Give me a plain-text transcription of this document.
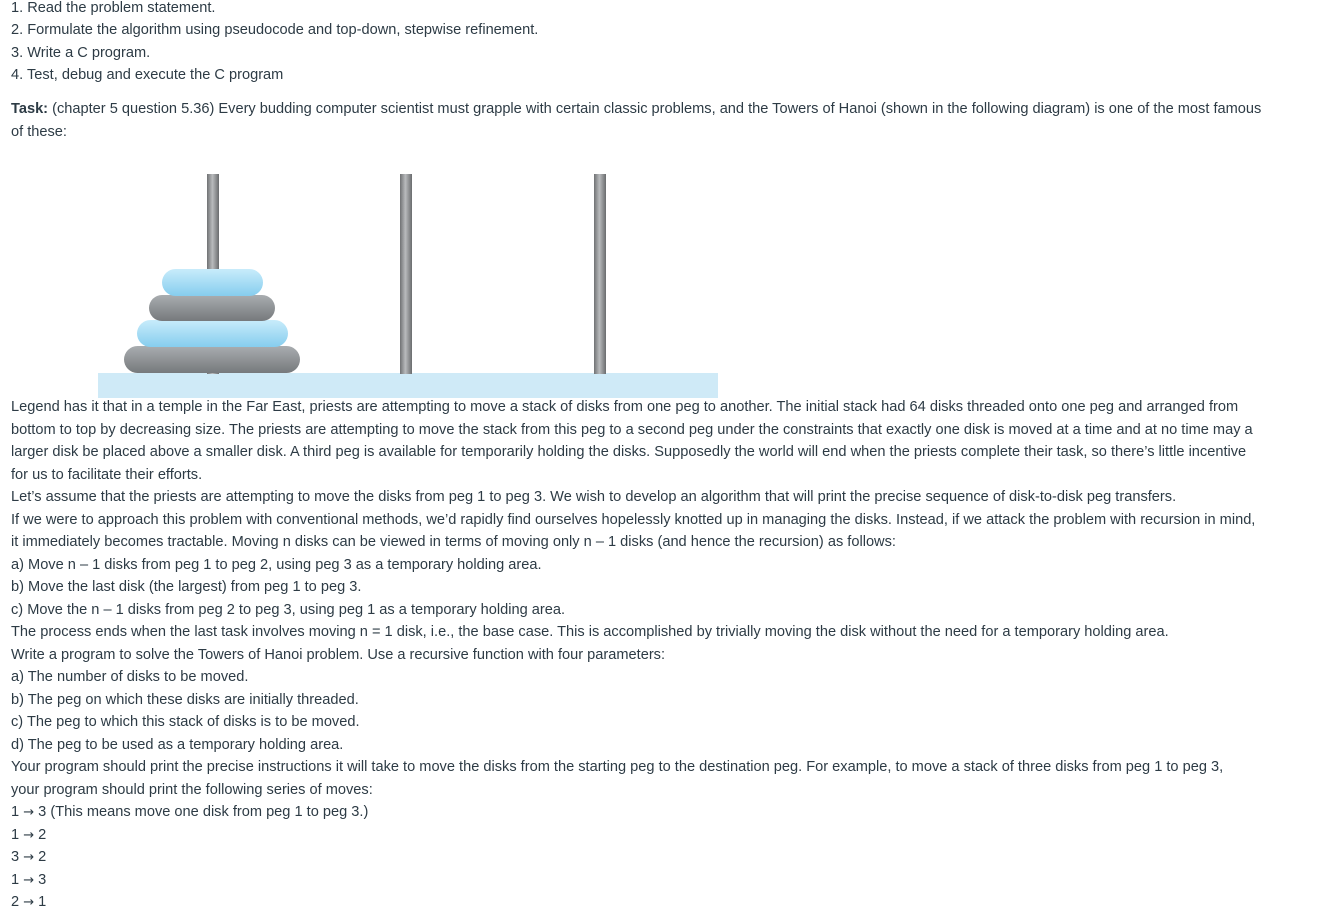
1. Read the problem statement.
2. Formulate the algorithm using pseudocode and top-down, stepwise refinement.
3. Write a C program.
4. Test, debug and execute the C program
Task: (chapter 5 question 5.36) Every budding computer scientist must grapple with certain classic problems, and the Towers of Hanoi (shown in the following diagram) is one of the most famous
of these:
Legend has it that in a temple in the Far East, priests are attempting to move a stack of disks from one peg to another. The initial stack had 64 disks threaded onto one peg and arranged from
bottom to top by decreasing size. The priests are attempting to move the stack from this peg to a second peg under the constraints that exactly one disk is moved at a time and at no time may a
larger disk be placed above a smaller disk. A third peg is available for temporarily holding the disks. Supposedly the world will end when the priests complete their task, so there’s little incentive
for us to facilitate their efforts.
Let’s assume that the priests are attempting to move the disks from peg 1 to peg 3. We wish to develop an algorithm that will print the precise sequence of disk-to-disk peg transfers.
If we were to approach this problem with conventional methods, we’d rapidly find ourselves hopelessly knotted up in managing the disks. Instead, if we attack the problem with recursion in mind,
it immediately becomes tractable. Moving n disks can be viewed in terms of moving only n – 1 disks (and hence the recursion) as follows:
a) Move n – 1 disks from peg 1 to peg 2, using peg 3 as a temporary holding area.
b) Move the last disk (the largest) from peg 1 to peg 3.
c) Move the n – 1 disks from peg 2 to peg 3, using peg 1 as a temporary holding area.
The process ends when the last task involves moving n = 1 disk, i.e., the base case. This is accomplished by trivially moving the disk without the need for a temporary holding area.
Write a program to solve the Towers of Hanoi problem. Use a recursive function with four parameters:
a) The number of disks to be moved.
b) The peg on which these disks are initially threaded.
c) The peg to which this stack of disks is to be moved.
d) The peg to be used as a temporary holding area.
Your program should print the precise instructions it will take to move the disks from the starting peg to the destination peg. For example, to move a stack of three disks from peg 1 to peg 3,
your program should print the following series of moves:
1 → 3 (This means move one disk from peg 1 to peg 3.)
1 → 2
3 → 2
1 → 3
2 → 1
